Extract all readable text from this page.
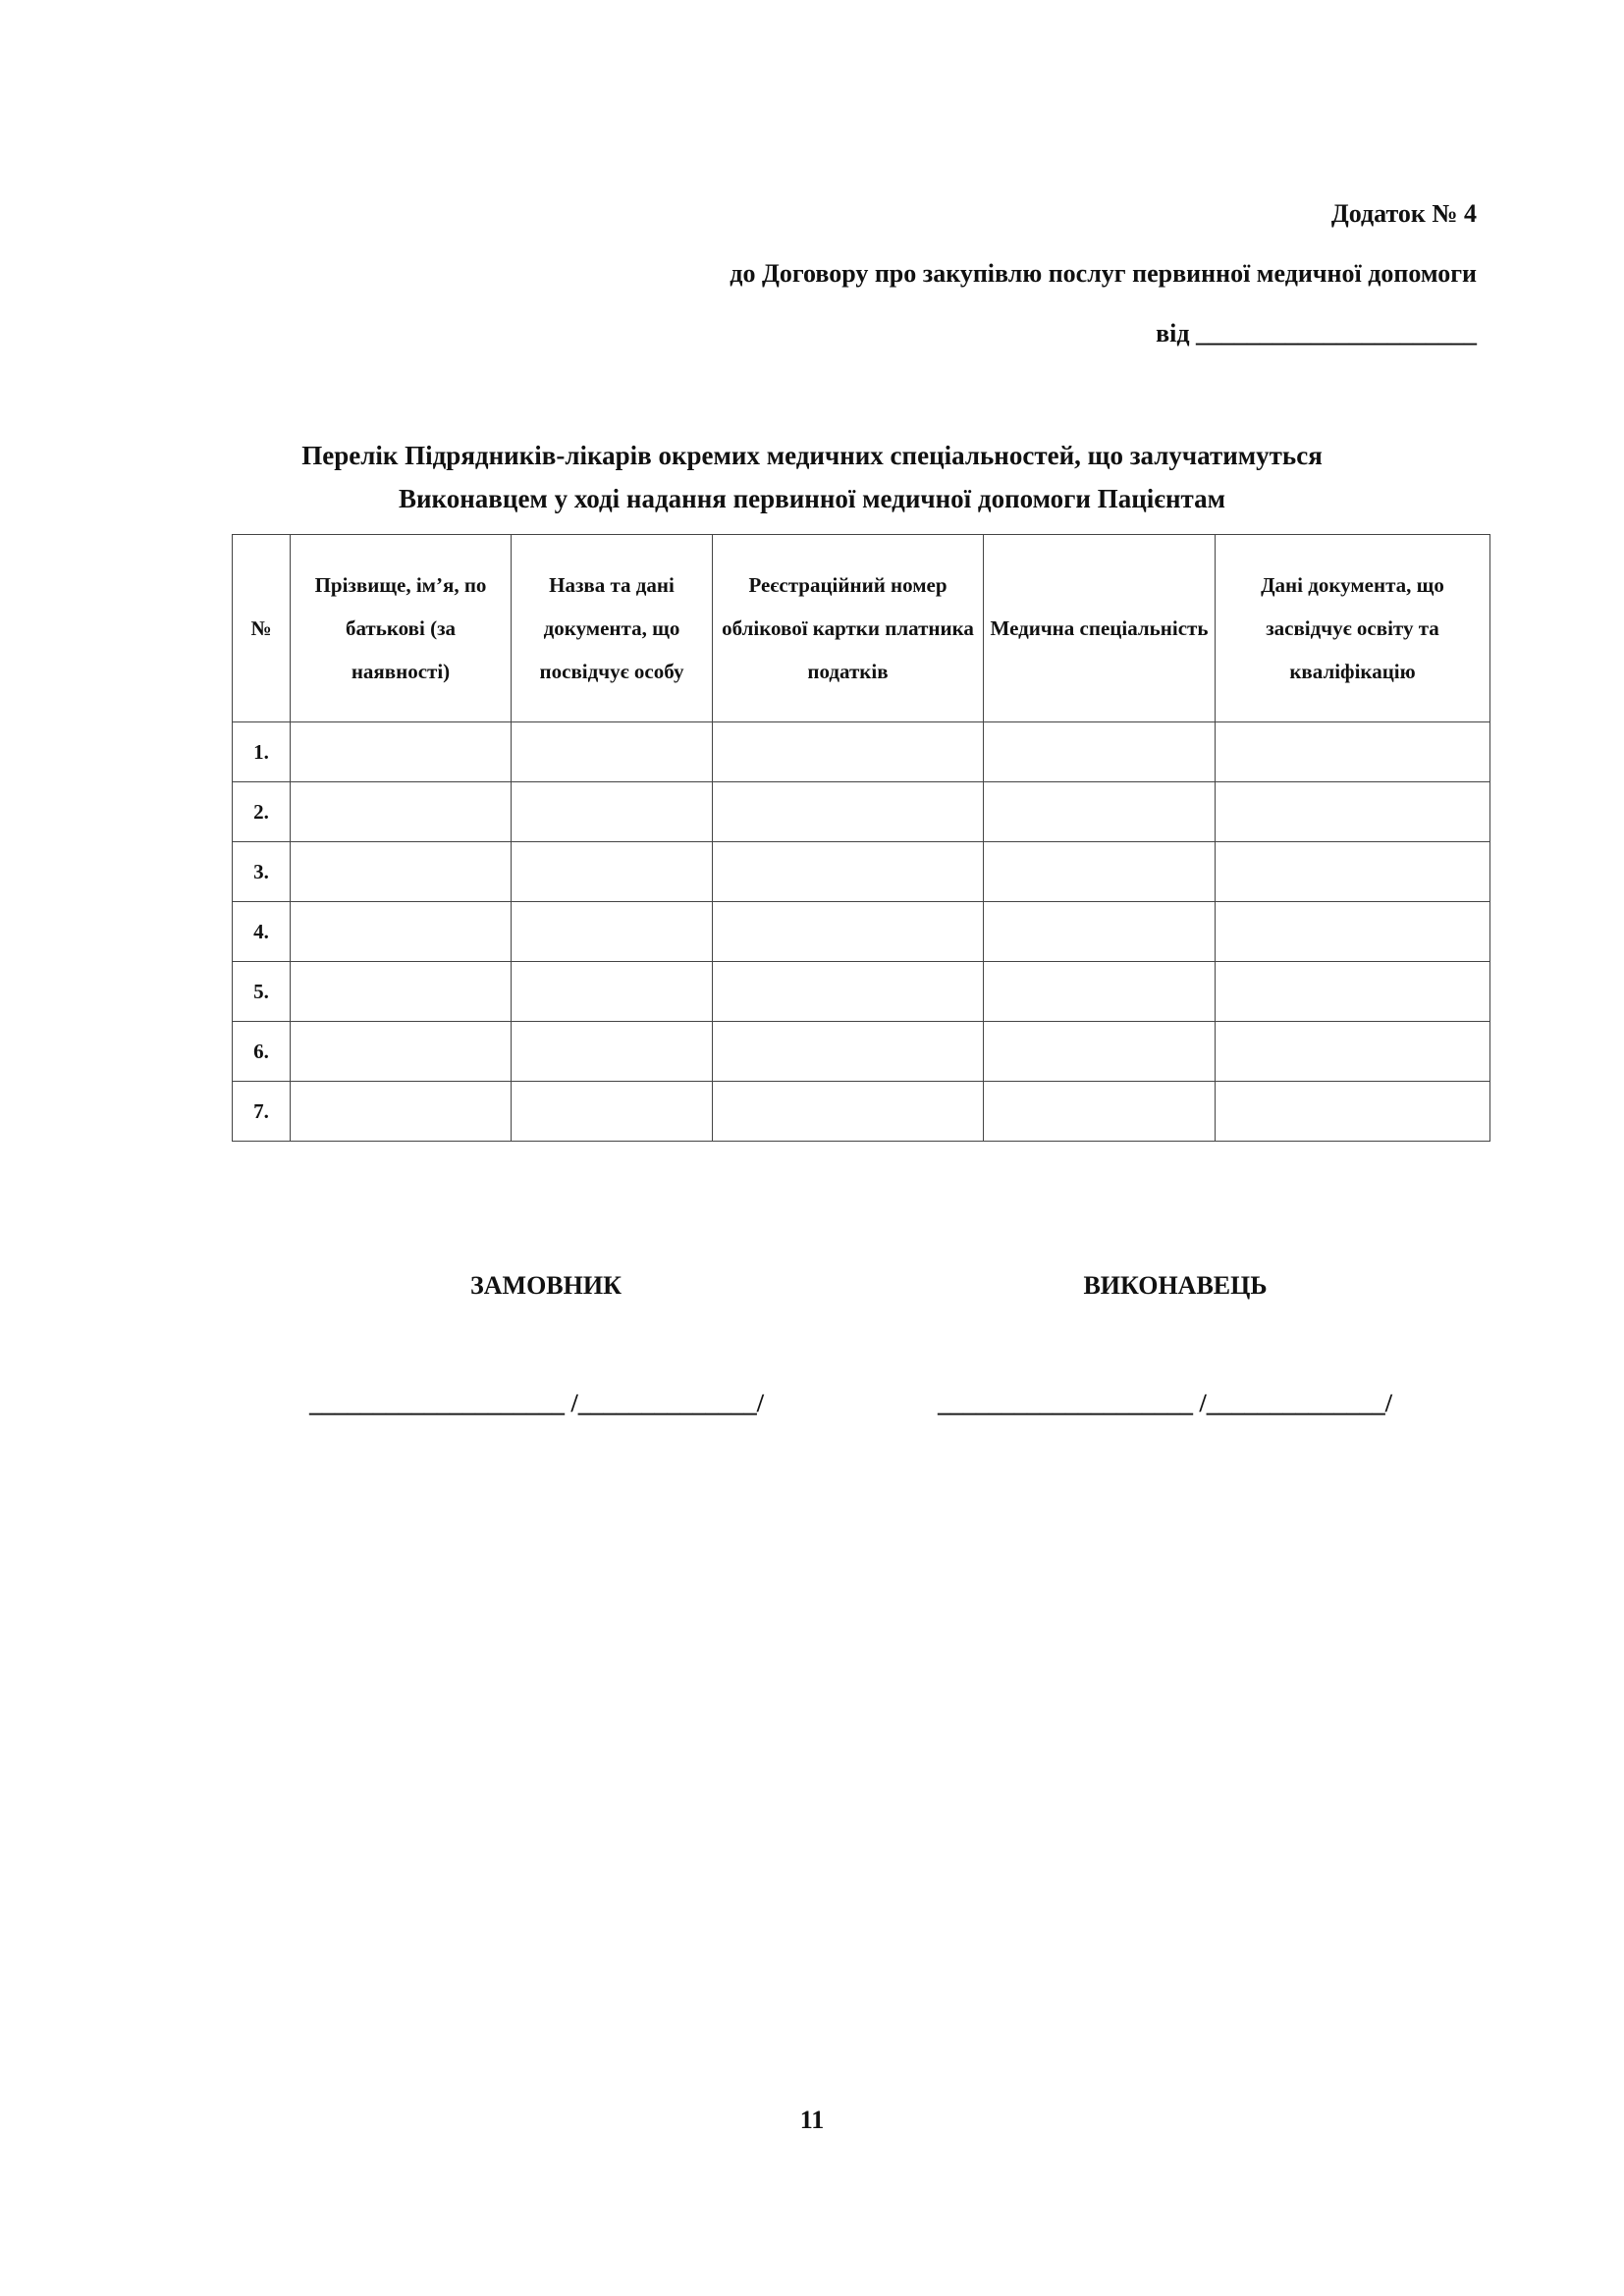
Додаток № 4
до Договору про закупівлю послуг первинної медичної допомоги
від ______________________
Перелік Підрядників-лікарів окремих медичних спеціальностей, що залучатимуться
Виконавцем у ході надання первинної медичної допомоги Пацієнтам
№	Прізвище, ім’я, по батькові (за наявності)	Назва та дані документа, що посвідчує особу	Реєстраційний номер облікової картки платника податків	Медична спеціальність	Дані документа, що засвідчує освіту та кваліфікацію
1.					
2.					
3.					
4.					
5.					
6.					
7.					
ЗАМОВНИК	ВИКОНАВЕЦЬ
____________________ /______________/	____________________ /______________/
11
